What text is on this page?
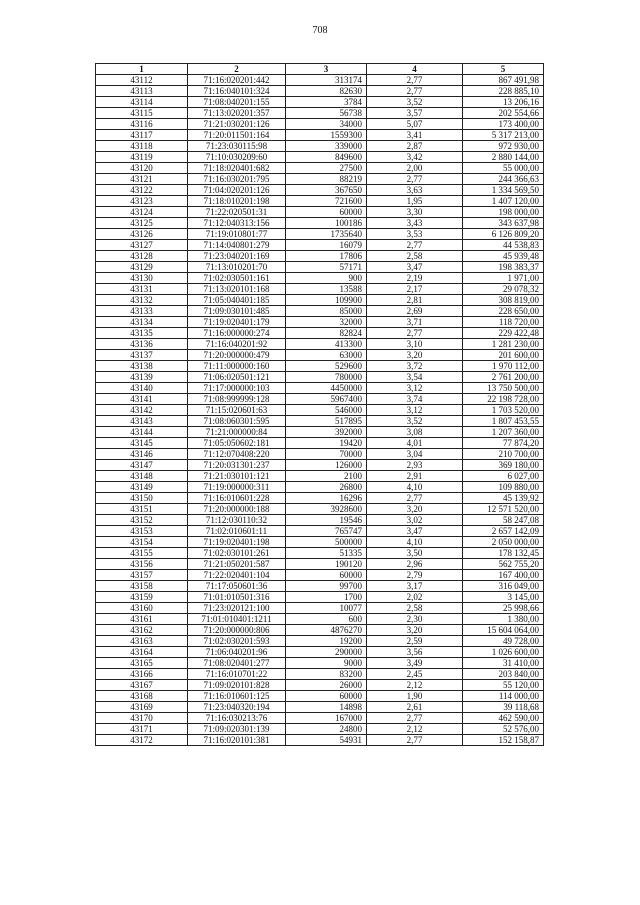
708
1	2	3	4	5
43112	71:16:020201:442	313174	2,77	867 491,98
43113	71:16:040101:324	82630	2,77	228 885,10
43114	71:08:040201:155	3784	3,52	13 206,16
43115	71:13:020201:357	56738	3,57	202 554,66
43116	71:21:030201:126	34000	5,07	173 400,00
43117	71:20:011501:164	1559300	3,41	5 317 213,00
43118	71:23:030115:98	339000	2,87	972 930,00
43119	71:10:030209:60	849600	3,42	2 880 144,00
43120	71:18:020401:682	27500	2,00	55 000,00
43121	71:16:030201:795	88219	2,77	244 366,63
43122	71:04:020201:126	367650	3,63	1 334 569,50
43123	71:18:010201:198	721600	1,95	1 407 120,00
43124	71:22:020501:31	60000	3,30	198 000,00
43125	71:12:040313:156	100186	3,43	343 637,98
43126	71:19:010801:77	1735640	3,53	6 126 809,20
43127	71:14:040801:279	16079	2,77	44 538,83
43128	71:23:040201:169	17806	2,58	45 939,48
43129	71:13:010201:70	57171	3,47	198 383,37
43130	71:02:030501:161	900	2,19	1 971,00
43131	71:13:020101:168	13588	2,17	29 078,32
43132	71:05:040401:185	109900	2,81	308 819,00
43133	71:09:030101:485	85000	2,69	228 650,00
43134	71:19:020401:179	32000	3,71	118 720,00
43135	71:16:000000:274	82824	2,77	229 422,48
43136	71:16:040201:92	413300	3,10	1 281 230,00
43137	71:20:000000:479	63000	3,20	201 600,00
43138	71:11:000000:160	529600	3,72	1 970 112,00
43139	71:06:020501:121	780000	3,54	2 761 200,00
43140	71:17:000000:103	4450000	3,12	13 750 500,00
43141	71:08:999999:128	5967400	3,74	22 198 728,00
43142	71:15:020601:63	546000	3,12	1 703 520,00
43143	71:08:060301:595	517895	3,52	1 807 453,55
43144	71:21:000000:84	392000	3,08	1 207 360,00
43145	71:05:050602:181	19420	4,01	77 874,20
43146	71:12:070408:220	70000	3,04	210 700,00
43147	71:20:031301:237	126000	2,93	369 180,00
43148	71:21:030101:121	2100	2,91	6 027,00
43149	71:19:000000:311	26800	4,10	109 880,00
43150	71:16:010601:228	16296	2,77	45 139,92
43151	71:20:000000:188	3928600	3,20	12 571 520,00
43152	71:12:030110:32	19546	3,02	58 247,08
43153	71:02:010601:11	765747	3,47	2 657 142,09
43154	71:19:020401:198	500000	4,10	2 050 000,00
43155	71:02:030101:261	51335	3,50	178 132,45
43156	71:21:050201:587	190120	2,96	562 755,20
43157	71:22:020401:104	60000	2,79	167 400,00
43158	71:17:050601:36	99700	3,17	316 049,00
43159	71:01:010501:316	1700	2,02	3 145,00
43160	71:23:020121:100	10077	2,58	25 998,66
43161	71:01:010401:1211	600	2,30	1 380,00
43162	71:20:000000:806	4876270	3,20	15 604 064,00
43163	71:02:030201:593	19200	2,59	49 728,00
43164	71:06:040201:96	290000	3,56	1 026 600,00
43165	71:08:020401:277	9000	3,49	31 410,00
43166	71:16:010701:22	83200	2,45	203 840,00
43167	71:09:020101:828	26000	2,12	55 120,00
43168	71:16:010601:125	60000	1,90	114 000,00
43169	71:23:040320:194	14898	2,61	39 118,68
43170	71:16:030213:76	167000	2,77	462 590,00
43171	71:09:020301:139	24800	2,12	52 576,00
43172	71:16:020101:381	54931	2,77	152 158,87
